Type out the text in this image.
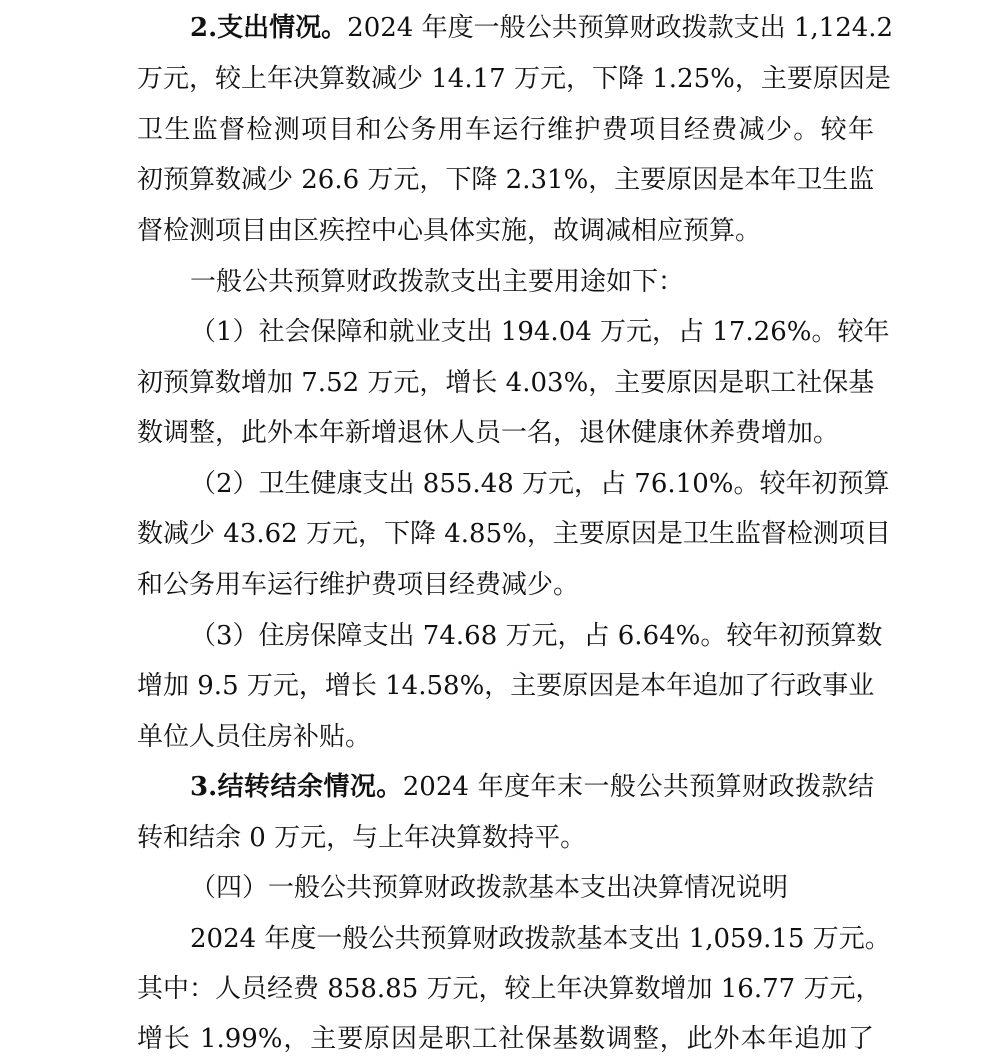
2.支出情况。2024 年度一般公共预算财政拨款支出 1,124.2
万元，较上年决算数减少 14.17 万元，下降 1.25%，主要原因是
卫生监督检测项目和公务用车运行维护费项目经费减少。较年
初预算数减少 26.6 万元，下降 2.31%，主要原因是本年卫生监
督检测项目由区疾控中心具体实施，故调减相应预算。
一般公共预算财政拨款支出主要用途如下：
（1）社会保障和就业支出 194.04 万元，占 17.26%。较年
初预算数增加 7.52 万元，增长 4.03%，主要原因是职工社保基
数调整，此外本年新增退休人员一名，退休健康休养费增加。
（2）卫生健康支出 855.48 万元，占 76.10%。较年初预算
数减少 43.62 万元，下降 4.85%，主要原因是卫生监督检测项目
和公务用车运行维护费项目经费减少。
（3）住房保障支出 74.68 万元，占 6.64%。较年初预算数
增加 9.5 万元，增长 14.58%，主要原因是本年追加了行政事业
单位人员住房补贴。
3.结转结余情况。2024 年度年末一般公共预算财政拨款结
转和结余 0 万元，与上年决算数持平。
（四）一般公共预算财政拨款基本支出决算情况说明
2024 年度一般公共预算财政拨款基本支出 1,059.15 万元。
其中：人员经费 858.85 万元，较上年决算数增加 16.77 万元，
增长 1.99%，主要原因是职工社保基数调整，此外本年追加了
